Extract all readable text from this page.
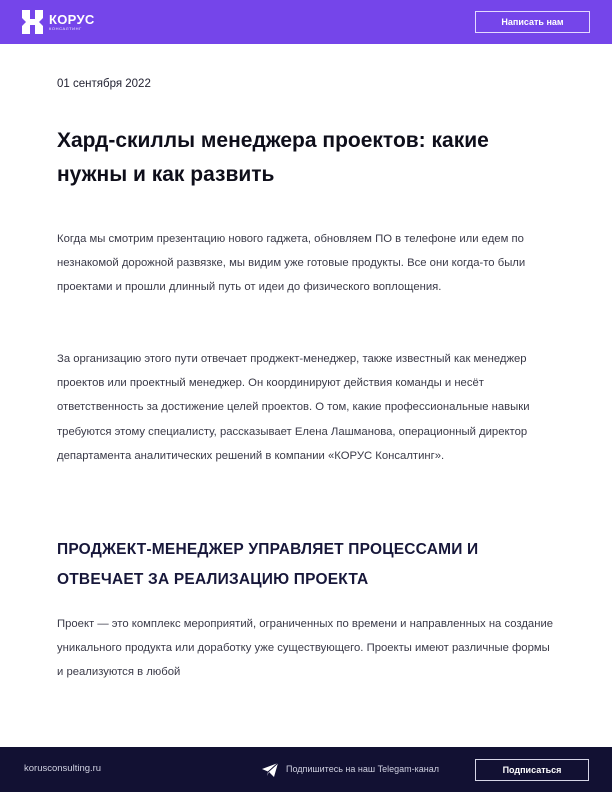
КОРУС
КОНСАЛТИНГ
Написать нам
01 сентября 2022
Хард-скиллы менеджера проектов: какие нужны и как развить

Когда мы смотрим презентацию нового гаджета, обновляем ПО в телефоне или едем по незнакомой дорожной развязке, мы видим уже готовые продукты. Все они когда-то были проектами и прошли длинный путь от идеи до физического воплощения.

За организацию этого пути отвечает проджект-менеджер, также известный как менеджер проектов или проектный менеджер. Он координируют действия команды и несёт ответственность за достижение целей проектов. О том, какие профессиональные навыки требуются этому специалисту, рассказывает Елена Лашманова, операционный директор департамента аналитических решений в компании «КОРУС Консалтинг».

ПРОДЖЕКТ-МЕНЕДЖЕР УПРАВЛЯЕТ ПРОЦЕССАМИ И ОТВЕЧАЕТ ЗА РЕАЛИЗАЦИЮ ПРОЕКТА

Проект — это комплекс мероприятий, ограниченных по времени и направленных на создание уникального продукта или доработку уже существующего. Проекты имеют различные формы и реализуются в любой

korusconsulting.ru	Подпишитесь на наш Telegam-канал	Подписаться
